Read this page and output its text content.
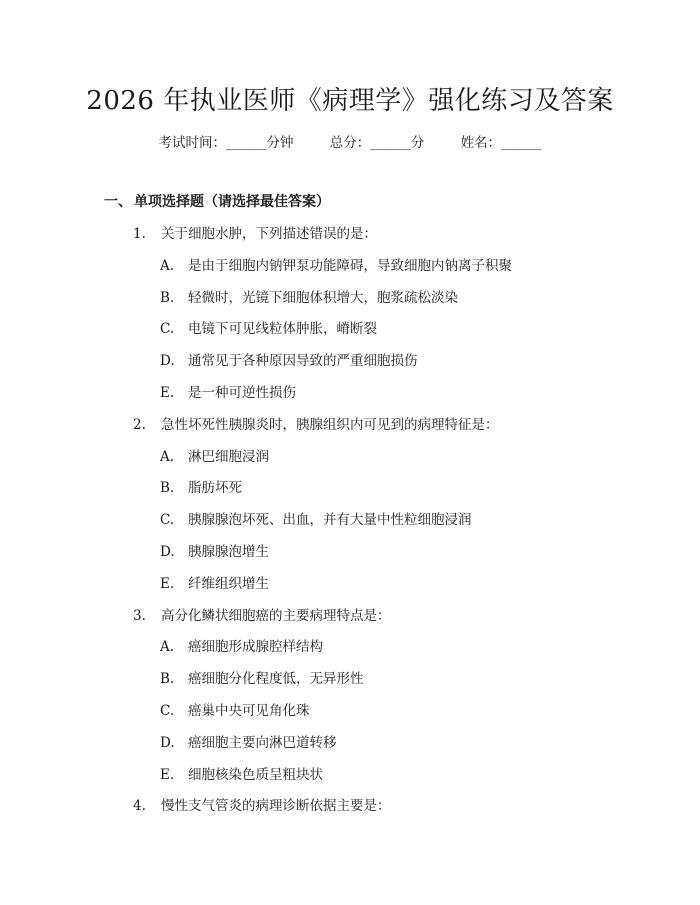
2026 年执业医师《病理学》强化练习及答案
考试时间：______分钟	总分：______分	姓名：______
一、 单项选择题（请选择最佳答案）
1. 关于细胞水肿，下列描述错误的是：
A. 是由于细胞内钠钾泵功能障碍，导致细胞内钠离子积聚
B. 轻微时，光镜下细胞体积增大，胞浆疏松淡染
C. 电镜下可见线粒体肿胀，嵴断裂
D. 通常见于各种原因导致的严重细胞损伤
E. 是一种可逆性损伤
2. 急性坏死性胰腺炎时，胰腺组织内可见到的病理特征是：
A. 淋巴细胞浸润
B. 脂肪坏死
C. 胰腺腺泡坏死、出血，并有大量中性粒细胞浸润
D. 胰腺腺泡增生
E. 纤维组织增生
3. 高分化鳞状细胞癌的主要病理特点是：
A. 癌细胞形成腺腔样结构
B. 癌细胞分化程度低，无异形性
C. 癌巢中央可见角化珠
D. 癌细胞主要向淋巴道转移
E. 细胞核染色质呈粗块状
4. 慢性支气管炎的病理诊断依据主要是：
